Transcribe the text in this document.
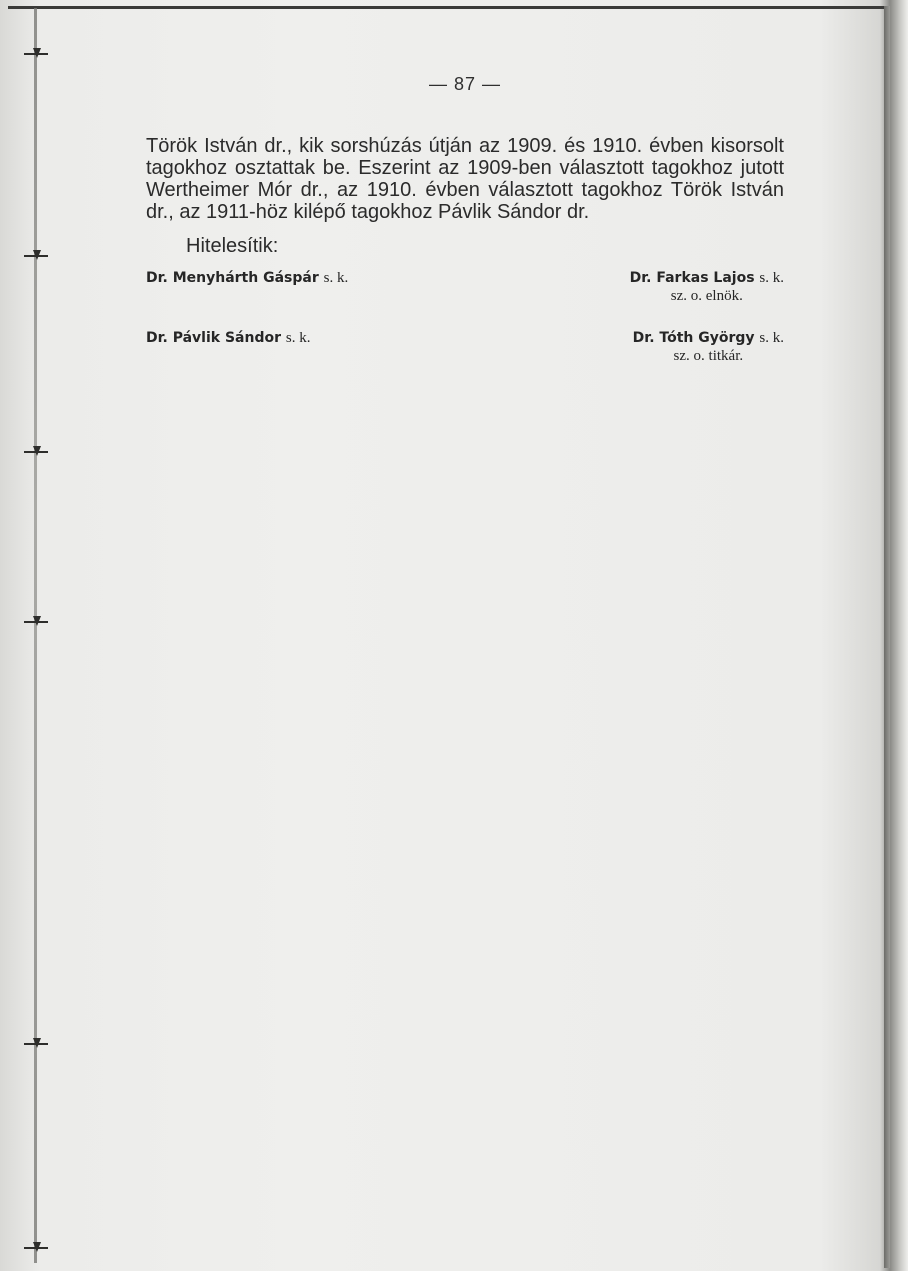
— 87 —

Török István dr., kik sorshúzás útján az 1909. és 1910. évben kisorsolt tagokhoz osztattak be. Eszerint az 1909-ben választott tagokhoz jutott Wertheimer Mór dr., az 1910. évben választott tagokhoz Török István dr., az 1911-höz kilépő tagokhoz Pávlik Sándor dr.

Hitelesítik:
Dr. Menyhárth Gáspár s. k.	Dr. Farkas Lajos s. k.
sz. o. elnök.
Dr. Pávlik Sándor s. k.	Dr. Tóth György s. k.
sz. o. titkár.
